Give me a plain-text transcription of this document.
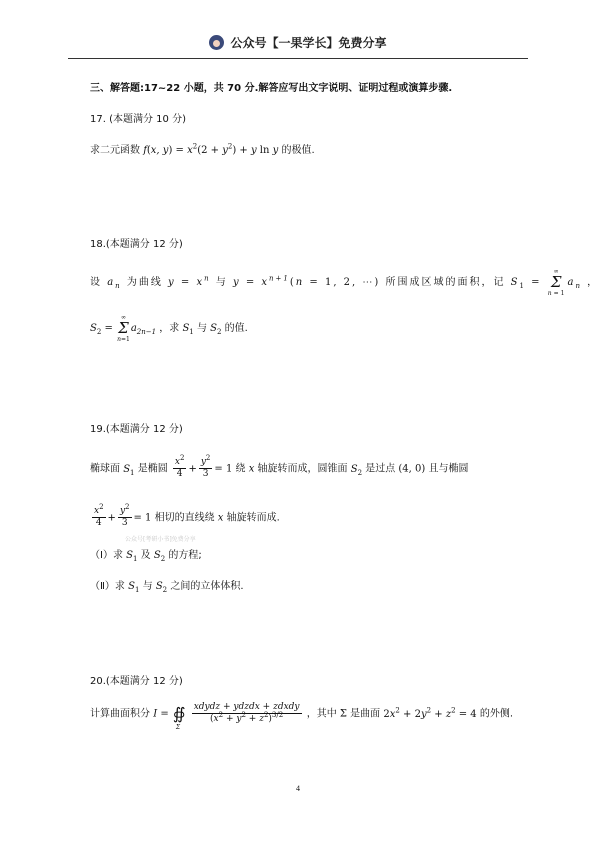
公众号【一果学长】免费分享
三、解答题:17~22 小题，共 70 分.解答应写出文字说明、证明过程或演算步骤.
17. (本题满分 10 分)
求二元函数 f(x, $y) = x^2(2 + y^2) + y$ ln y 的极值.
18.(本题满分 12 分)
设 $a_n$ 为曲线 $y = x^n$ 与 $y = x^{n+1}(n = 1$, 2, ⋯) 所围成区域的面积，记 $S_1$ =
∞
Σ
n=1
$a_n$ ，
$S_2$ =
∞
Σ
n=1
$a_{2n-1}$ ，求 $S_1$ 与 $S_2$ 的值.
19.(本题满分 12 分)
椭球面 $S_1$ 是椭圆 $\frac{x^2}{4} + \frac{y^2}{3} = 1$ 绕 x 轴旋转而成，圆锥面 $S_2$ 是过点 (4, 0) 且与椭圆
$\frac{x^2}{4} + \frac{y^2}{3} = 1$ 相切的直线绕 x 轴旋转而成.
公众号[考研小书]免费分享
（Ⅰ）求 $S_1$ 及 $S_2$ 的方程;
（Ⅱ）求 $S_1$ 与 $S_2$ 之间的立体体积.
20.(本题满分 12 分)
计算曲面积分 I = ∯
Σ

$\frac{\text{xdydz + ydzdx + zdxdy}}{(x^2 + y^2 + z^2)^{3/2}}$ ，其中 Σ 是曲面 $2x^2 + 2y^2 + z^2 = 4$ 的外侧.
4
